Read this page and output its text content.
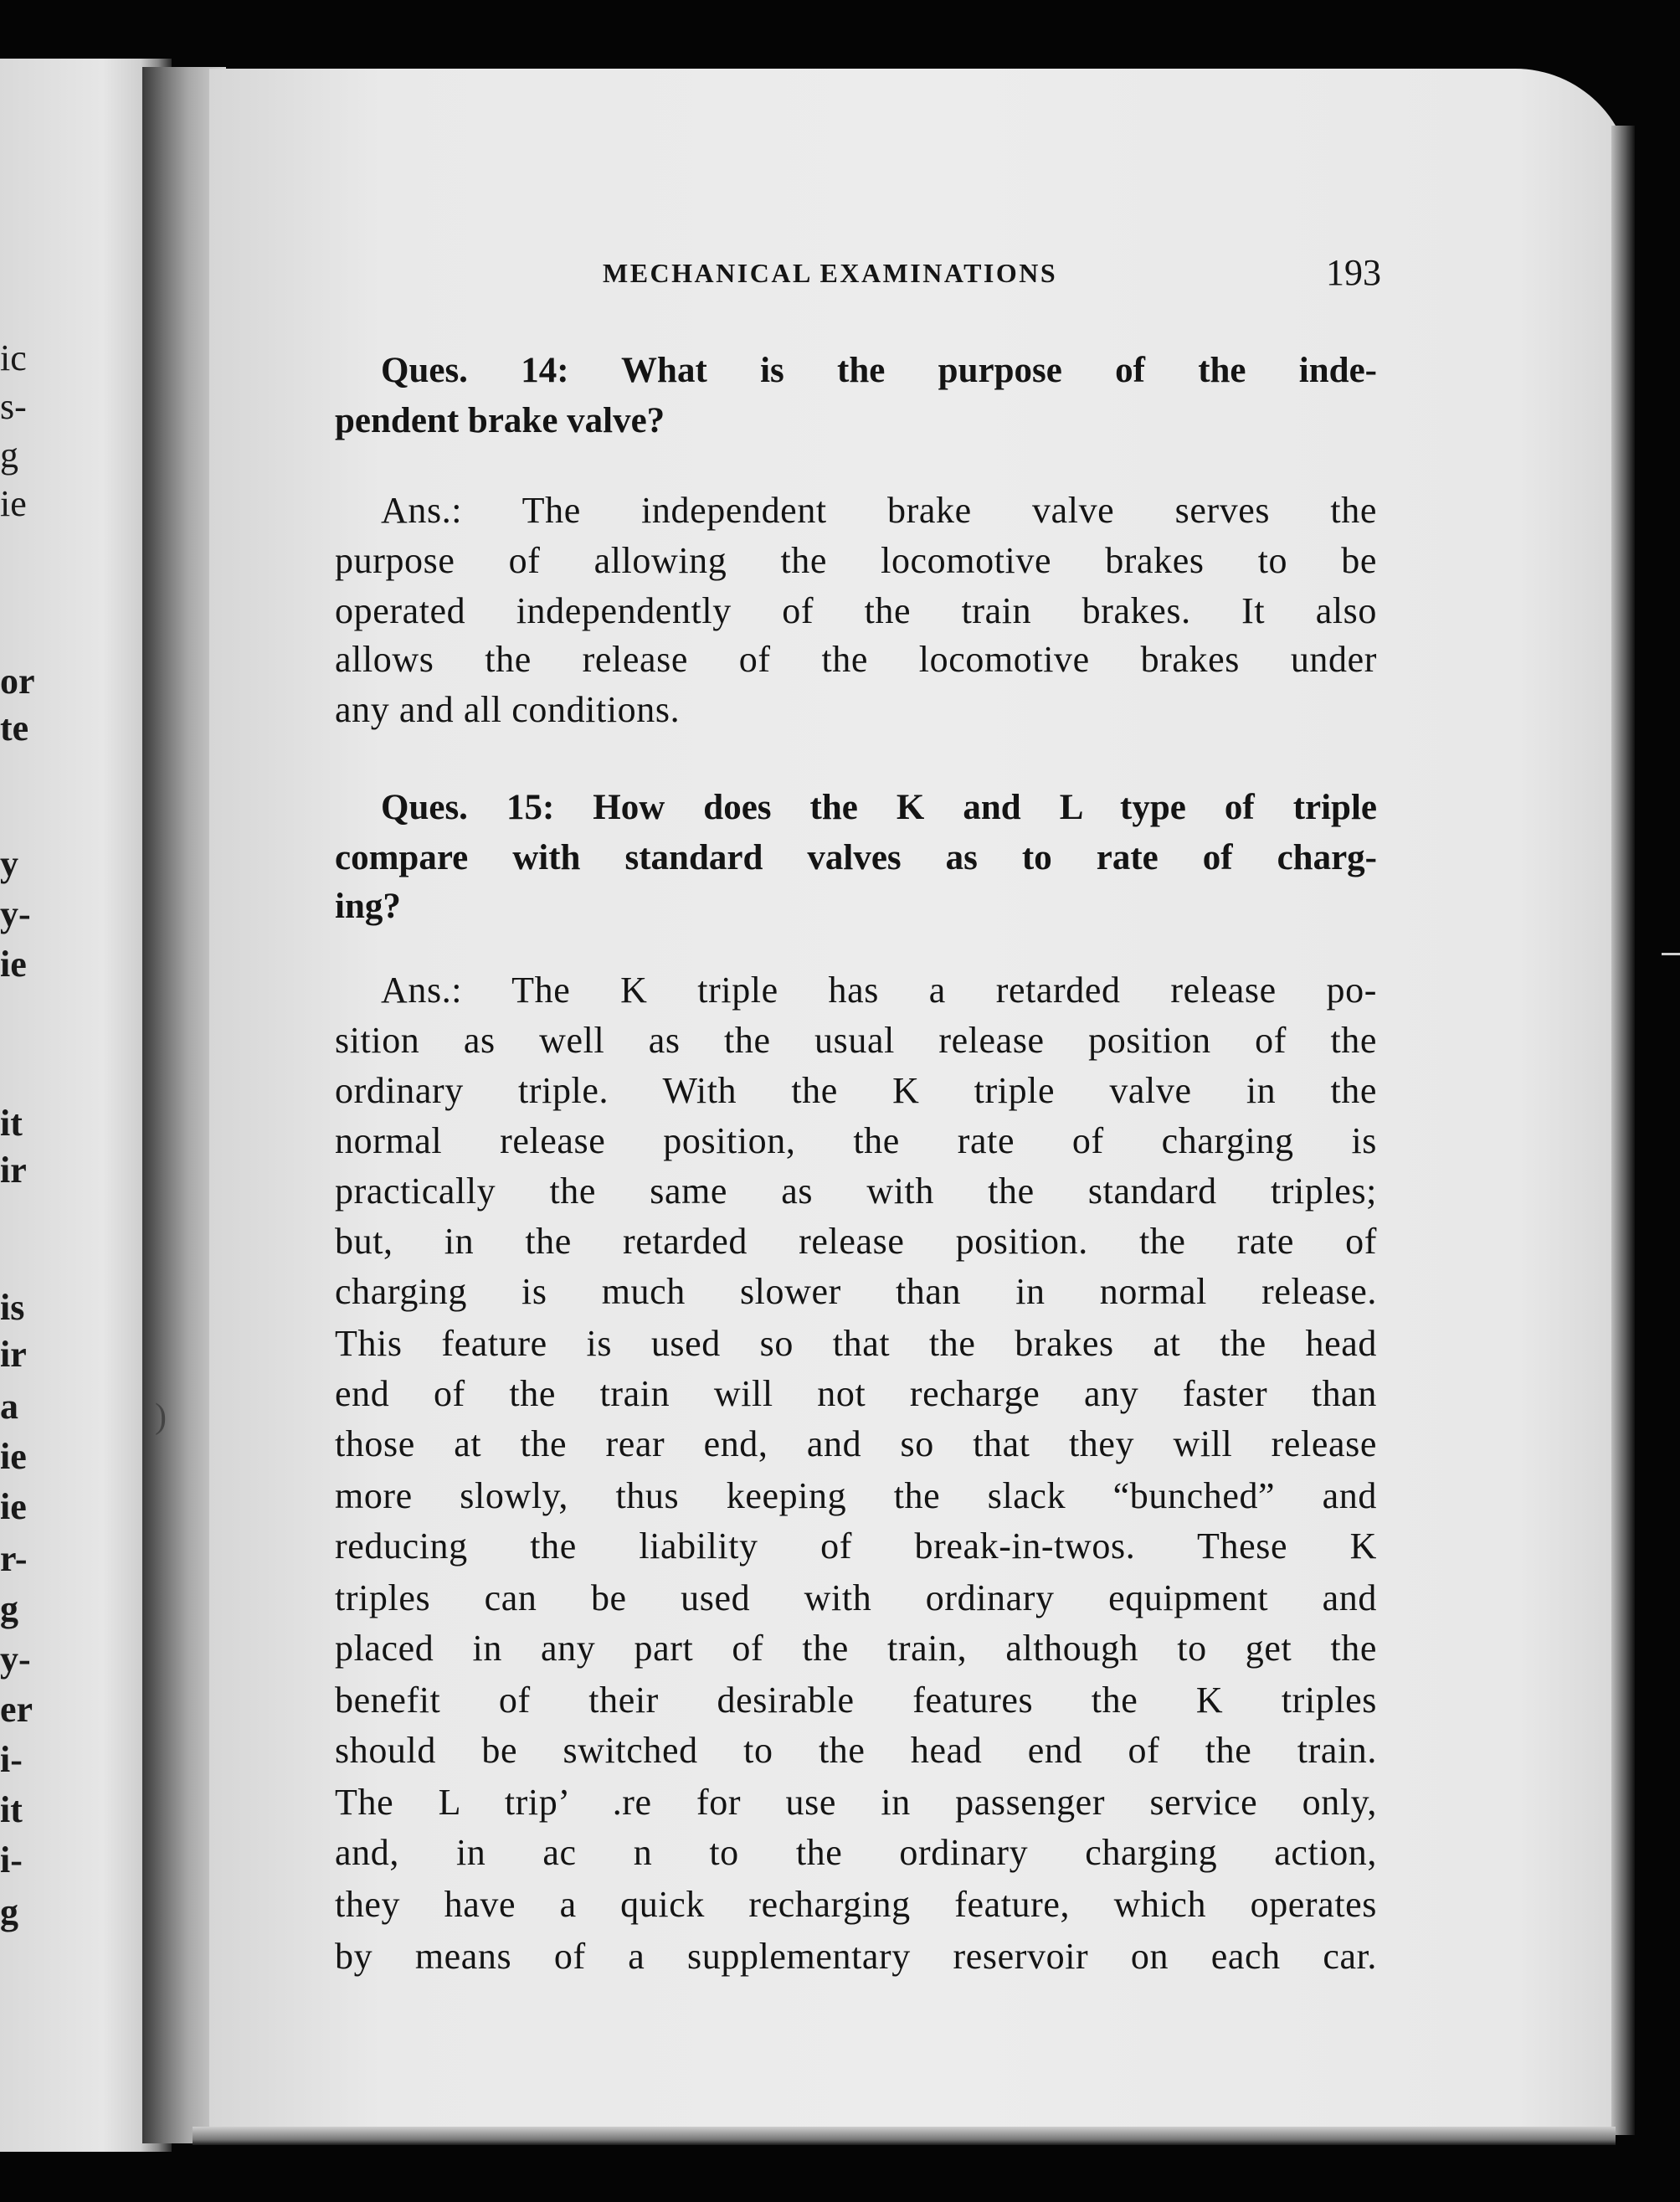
ic
s-
g
ie
or
te
y
y-
ie
it
ir
is
ir
a
ie
ie
r-
g
y-
er
i-
it
i-
g
)
MECHANICAL EXAMINATIONS	193
Ques. 14: What is the purpose of the inde-
pendent brake valve?
Ans.: The independent brake valve serves the
purpose of allowing the locomotive brakes to be
operated independently of the train brakes. It also
allows the release of the locomotive brakes under
any and all conditions.
Ques. 15: How does the K and L type of triple
compare with standard valves as to rate of charg-
ing?
Ans.: The K triple has a retarded release po-
sition as well as the usual release position of the
ordinary triple. With the K triple valve in the
normal release position, the rate of charging is
practically the same as with the standard triples;
but, in the retarded release position. the rate of
charging is much slower than in normal release.
This feature is used so that the brakes at the head
end of the train will not recharge any faster than
those at the rear end, and so that they will release
more slowly, thus keeping the slack “bunched” and
reducing the liability of break-in-twos. These K
triples can be used with ordinary equipment and
placed in any part of the train, although to get the
benefit of their desirable features the K triples
should be switched to the head end of the train.
The L trip’ .re for use in passenger service only,
and, in ac n to the ordinary charging action,
they have a quick recharging feature, which operates
by means of a supplementary reservoir on each car.
